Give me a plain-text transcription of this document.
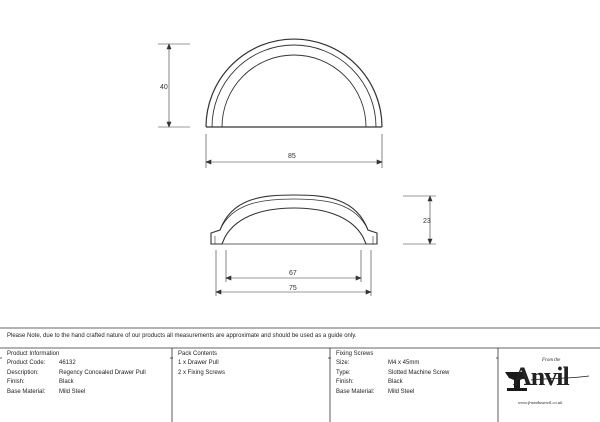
40
85
23
67
75
Please Note, due to the hand crafted nature of our products all measurements are approximate and should be used as a guide only.
Product Information
Product Code:	46132
Description:	Regency Concealed Drawer Pull
Finish:	Black
Base Material:	Mild Steel
Pack Contents
1 x Drawer Pull
2 x Fixing Screws
Fixing Screws
Size:	M4 x 45mm
Type:	Slotted Machine Screw
Finish:	Black
Base Material:	Mild Steel
From the
Anvil
www.fromtheanvil.co.uk
